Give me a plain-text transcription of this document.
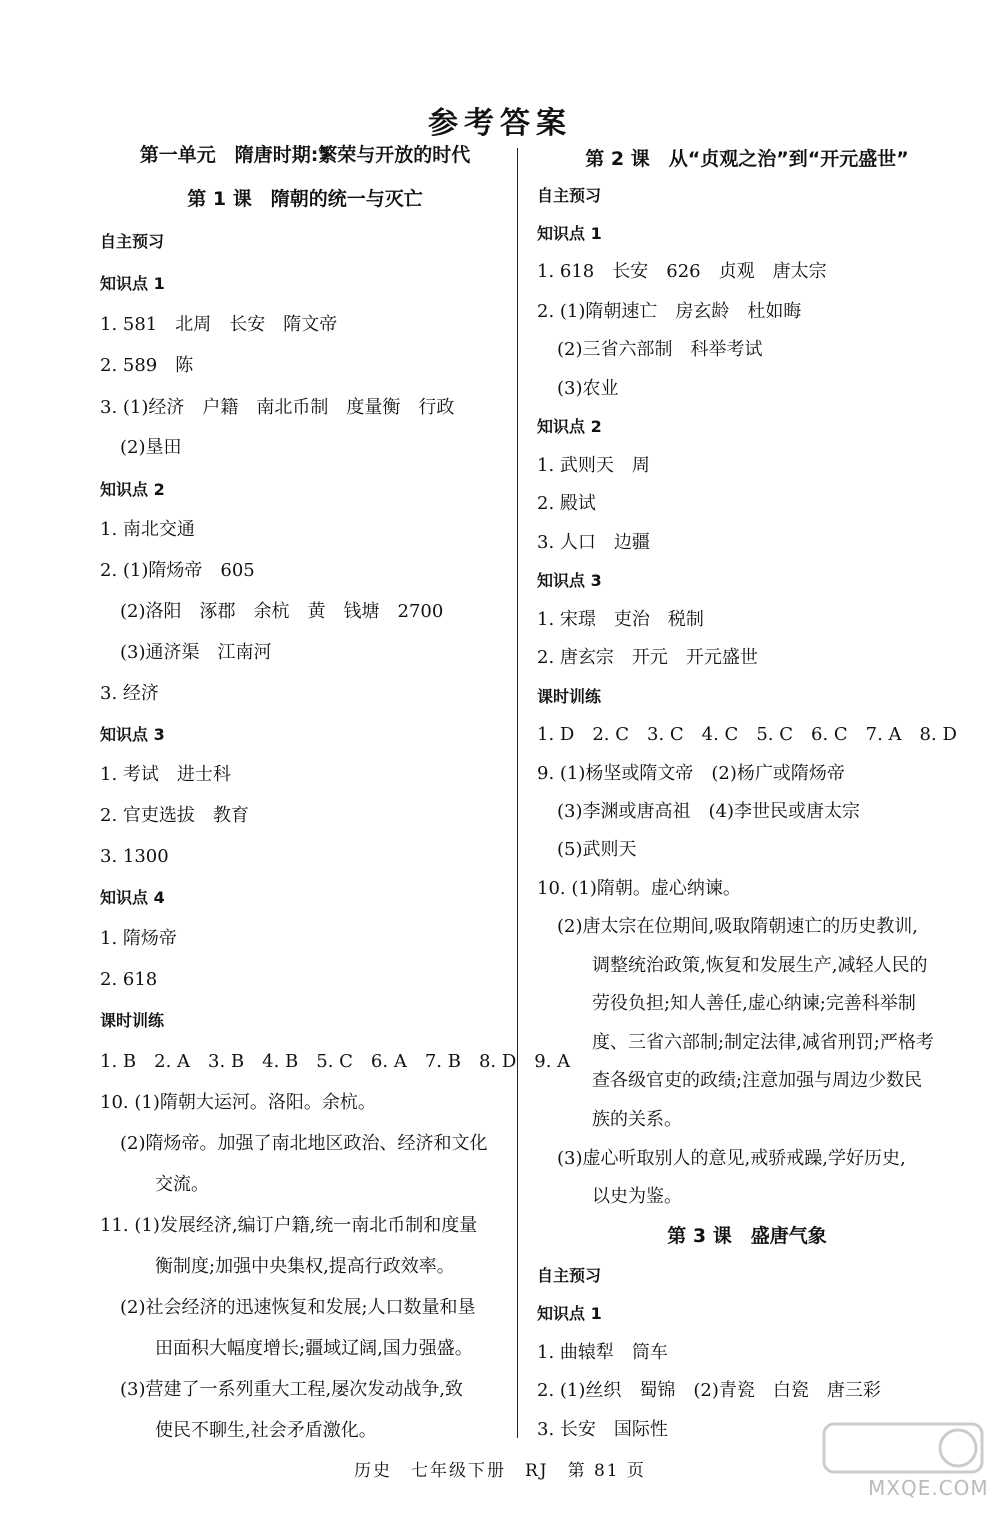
参考答案
第一单元　隋唐时期:繁荣与开放的时代
第 1 课　隋朝的统一与灭亡
自主预习
知识点 1
1. 581　北周　长安　隋文帝
2. 589　陈
3. (1)经济　户籍　南北币制　度量衡　行政
(2)垦田
知识点 2
1. 南北交通
2. (1)隋炀帝　605
(2)洛阳　涿郡　余杭　黄　钱塘　2700
(3)通济渠　江南河
3. 经济
知识点 3
1. 考试　进士科
2. 官吏选拔　教育
3. 1300
知识点 4
1. 隋炀帝
2. 618
课时训练
1. B　2. A　3. B　4. B　5. C　6. A　7. B　8. D　9. A
10. (1)隋朝大运河。洛阳。余杭。
(2)隋炀帝。加强了南北地区政治、经济和文化
交流。
11. (1)发展经济,编订户籍,统一南北币制和度量
衡制度;加强中央集权,提高行政效率。
(2)社会经济的迅速恢复和发展;人口数量和垦
田面积大幅度增长;疆域辽阔,国力强盛。
(3)营建了一系列重大工程,屡次发动战争,致
使民不聊生,社会矛盾激化。
第 2 课　从“贞观之治”到“开元盛世”
自主预习
知识点 1
1. 618　长安　626　贞观　唐太宗
2. (1)隋朝速亡　房玄龄　杜如晦
(2)三省六部制　科举考试
(3)农业
知识点 2
1. 武则天　周
2. 殿试
3. 人口　边疆
知识点 3
1. 宋璟　吏治　税制
2. 唐玄宗　开元　开元盛世
课时训练
1. D　2. C　3. C　4. C　5. C　6. C　7. A　8. D
9. (1)杨坚或隋文帝　(2)杨广或隋炀帝
(3)李渊或唐高祖　(4)李世民或唐太宗
(5)武则天
10. (1)隋朝。虚心纳谏。
(2)唐太宗在位期间,吸取隋朝速亡的历史教训,
调整统治政策,恢复和发展生产,减轻人民的
劳役负担;知人善任,虚心纳谏;完善科举制
度、三省六部制;制定法律,减省刑罚;严格考
查各级官吏的政绩;注意加强与周边少数民
族的关系。
(3)虚心听取别人的意见,戒骄戒躁,学好历史,
以史为鉴。
第 3 课　盛唐气象
自主预习
知识点 1
1. 曲辕犁　筒车
2. (1)丝织　蜀锦　(2)青瓷　白瓷　唐三彩
3. 长安　国际性
历史　七年级下册　RJ　第 81 页
MXQE.COM
